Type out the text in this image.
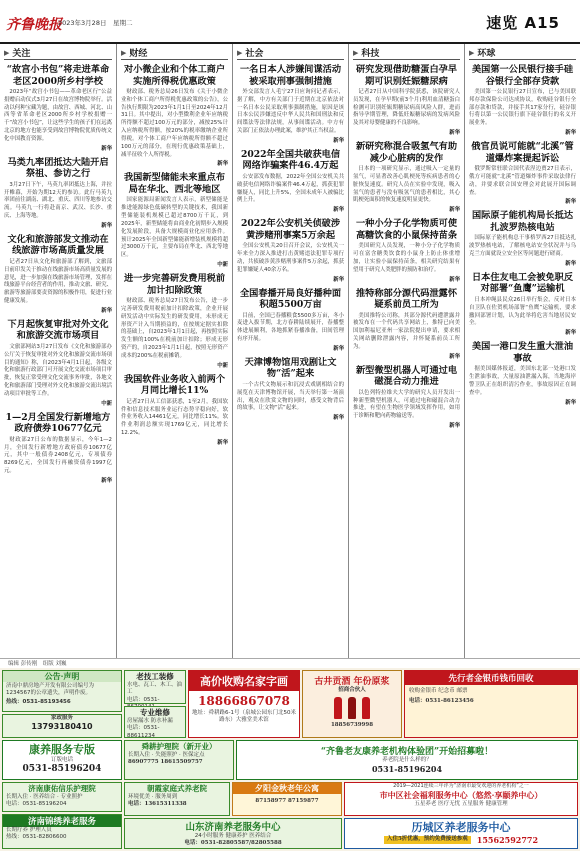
齐鲁晚报
2023年3月28日　星期二	速览 A15
▶ 关注
“故宫小书包”将走进革命老区2000所乡村学校
2023年“故宫小书包——革命老区行”公益捐赠启动仪式3月27日在故宫博物院举行。活动以何种宝藏为题，由故宫、西城、河北、山西等省革命老区2000所乡村学校捐赠一千“故宫小书包”，让这些学生的孩子们在远离北京的地方也能享受到故宫博物院优质传统文化中国教育资源。
新华
马类九率团抵达大陆开启祭祖、参访之行
3月27日下午，马英九率团抵达上海，并拉开帷幕，开始为期12天的参访。此行马英九率团前往湖南、湖北、重庆、四川等地参访交流。马英九一行将赴南京、武汉、长沙、重庆、上海等地。
新华
文化和旅游部发文推动在线旅游市场高质量发展
记者27日从文化和旅游部了解到，文旅部日前印发关于推动在线旅游市场高质量发展的意见，进一步加强在线旅游市场管理，发挥在线旅游平台经营者的作用，推动文旅、研究、旅游等旅游部要责资源的积极作用，促进行业健康发展。
新华
下月起恢复审批对外文化和旅游交流市场项目
文旅部网站3月27日发布《文化和旅游部办公厅关于恢复审批对外文化和旅游交流市场项目的通知》称，自2023年4月1日起，各级文化和旅游行政部门可开展文化交流市场项目审批，恢复正常受理文化交流事务审批，各地文化和旅游部门受理对外文化和旅游交流出境活动项目审批等工作。
中新
1—2月全国发行新增地方政府债券10677亿元
财政部27日公布的数据显示，今年1—2月，全国发行新增地方政府债券10677亿元，其中一般债券2408亿元，专项债券8269亿元，全国发行再融资债券1997亿元。
新华
▶ 财经
对小微企业和个体工商户实施所得税优惠政策
财政部、税务总局26日发布《关于小微企业和个体工商户所得税优惠政策的公告》，公告执行期限为2023年1月1日至2024年12月31日。其中提出，对小型微利企业年应纳税所得额不超过100万元的部分，减按25%计入应纳税所得额，按20%的税率缴纳企业所得税。对个体工商户年应纳税所得额不超过100万元的部分，在现行优惠政策基础上，减半征收个人所得税。
新华
我国新型储能未来重点布局在华北、西北等地区
国家能源局新闻发言人表示，新型储能是推进能源绿色低碳转型的关键技术，我国新型储能装机规模已超过8700万千瓦，到2025年，新型储能将由商业化初期步入规模化发展阶段，具备大规模商业化应用条件。预计2025年全国新型储能新增装机规模将超过3000万千瓦，主要布局在华北、西北等地区。
中新
进一步完善研发费用税前加计扣除政策
财政部、税务总局27日发布公告，进一步完善研发费用税前加计扣除政策，企业开展研发活动中实际发生的研发费用，未形成无形资产计入当期损益的，在按规定据实扣除的基础上，自2023年1月1日起，再按照实际发生额的100%在税前加计扣除；形成无形资产的，自2023年1月1日起，按照无形资产成本的200%在税前摊销。
中新
我国软件业务收入前两个月同比增长11%
记者27日从工信部获悉，1至2月，我国软件和信息技术服务业运行态势平稳向好，软件业务收入14461亿元，同比增长11%。软件业利润总额实现1769亿元，同比增长12.2%。
新华
▶ 社会
一名日本人涉嫌间谍活动被采取刑事强制措施
外交部发言人毛宁27日应询问记者表示，据了解，中方有关部门于近期在北京依法对一名日本公民采取刑事强制措施，原因是该日本公民涉嫌违反中华人民共和国刑法和反间谍法等法律法规，从事间谍活动。中方有关部门正依法办理此案，维护其正当权益。
新华
2022年全国共破获电信网络诈骗案件46.4万起
公安部发布数据，2022年全国公安机关共破获电信网络诈骗案件46.4万起，抓获犯罪嫌疑人，同比上升5%，全国未成年人被骗比例上升。
新华
2022年公安机关侦破涉黄涉赌刑事案5万余起
全国公安机关20日召开会议，公安机关一年来全力深入推进打击黄赌违法犯罪专项行动，共侦破涉黄涉赌刑事案件5万余起，抓获犯罪嫌疑人40余万名。
新华
全国春播开局良好播种面积超5500万亩
目前，全国已春播粮食5500多万亩，冬小麦进入拔节期，北方春耕陆续展开，春播整体进展顺利，各地抓紧春播准备，田间管理有序开展。
新华
天津博物馆用戏剧让文物“活”起来
一个古代文物展示和沉浸式戏剧相结合的展览在天津博物馆开展，当天举行第一场演出，观众在欣赏文物的同时，感受文物背后的故事，让文物“活”起来。
新华
▶ 科技
研究发现借助糖蛋白孕早期可识别妊娠糖尿病
记者27日从中国科学院获悉，该院研究人员发现，在孕早期(前3个月)利用血清糖蛋白检测可识别妊娠期糖尿病高风险人群，进而指导孕期管理，降低妊娠糖尿病的发病风险及其对母婴健康的不良影响。
新华
新研究称混合吸氢气有助减少心脏病的发作
日本的一项研究显示，通过吸入一定量的氢气，可显著改善心肌梗死等疾病患者的心脏恢复速度。研究人员在实验中发现，吸入氢气的患者与没有吸氢气的患者相比，其心肌梗死面积的恢复速度明显更快。
新华
一种小分子化学物质可使高糖饮食的小鼠保持苗条
美国研究人员发现，一种小分子化学物质可在富含糖类饮食的小鼠身上防止体重增加，让实验小鼠保持苗条，相关研究结果有望用于研究人类肥胖的预防和治疗。
新华
推特称部分源代码泄露怀疑系前员工所为
美国推特公司称，其部分源代码遭泄露并被发布在一个代码共享网站上，推特已向美国加利福尼亚州一家法院提出申请，要求相关网站删除泄露内容，并怀疑系前员工所为。
新华
新型微型机器人可通过电磁混合动力推进
以色列特拉维夫大学的研究人员开发出一种新型微型机器人，可通过电和磁混合动力推进，有望在生物医学领域发挥作用，如用于诊断和靶向药物输送等。
新华
▶ 环球
美国第一公民银行接手硅谷银行全部存贷款
美国第一公民银行27日宣布，已与美国联邦存款保险公司达成协议，收购硅谷银行全部存款和贷款，并接手其17家分行，硅谷银行将以第一公民银行旗下硅谷银行的名义开展业务。
新华
俄官员说可能就“北溪”管道爆炸案提起诉讼
俄罗斯常驻联合国代表涅边贾27日表示，俄方可能就“北溪”管道爆炸事件采取法律行动，并要求联合国安理会对此展开国际调查。
新华
国际原子能机构局长抵达扎波罗热核电站
国际原子能机构总干事格罗西27日抵达扎波罗热核电站，了解核电站安全状况并与乌克兰方面就设立安全区等问题进行磋商。
新华
日本住友电工会被免职反对部署“鱼鹰”运输机
日本冲绳县民众26日举行集会，反对日本自卫队在佐贺机场部署“鱼鹰”运输机，要求撤回部署计划，认为此举将危害当地居民安全。
新华
美国一港口发生重大泄油事故
据美国媒体报道，美国东北部一处港口发生泄油事故，大量原油泄漏入海，当地海岸警卫队正在组织清污作业，事故原因正在调查中。
新华
编辑 彭传刚　组版 刘巍
公告·声明
济南中鼎房地产开发有限公司编号为1234567的公章遗失，声明作废。
热线：0531-85193456
家政服务
13793180410
康养服务专版
订版电话
0531-85196204
济南康佑信乐护理院
长期入住 · 医养结合 · 专业照护
电话：0531-85196204
济南锦绣养老服务
长期疗养 护理人员
热线：0531-82806600
老技工装修
水电、瓦工、木工、油工
电话：0531-
专业维修
房屋漏水 防水补漏
电话：0531-88611234
高价收购名家字画
18866867078
地址：舜耕路6-1号（泉城公园东门北50米路东）大雅堂美术馆
古井贡酒 年份原浆
招商合伙人
18856739998
先行者金银币钱币回收
收购金银币 纪念币 邮票
电话：0531-86123456
舜耕护理院（新开业）
长期入住 · 失能照护 · 医保定点
86907775 18615509757
“齐鲁老友康养老机构体验团”开始招募啦！
养老院是什么样的？
0531-85196204
朝霞家庭式养老院
环境优美 · 服务周到
电话：13615311338
夕阳金秋老年公寓
87158977 87159877
2019—2021连续三年评为“济南市最受欢迎的养老机构”之一
市中区社会福利服务中心（悠然·享颐养中心）
五星养老 医疗无忧 五星服务 健康管理
山东济南养老服务中心
24小时服务 健康养护 医养结合
电话：0531-82805587/82805588
历城区养老服务中心
入住5折优惠，预约免费接送参观	15562592772
